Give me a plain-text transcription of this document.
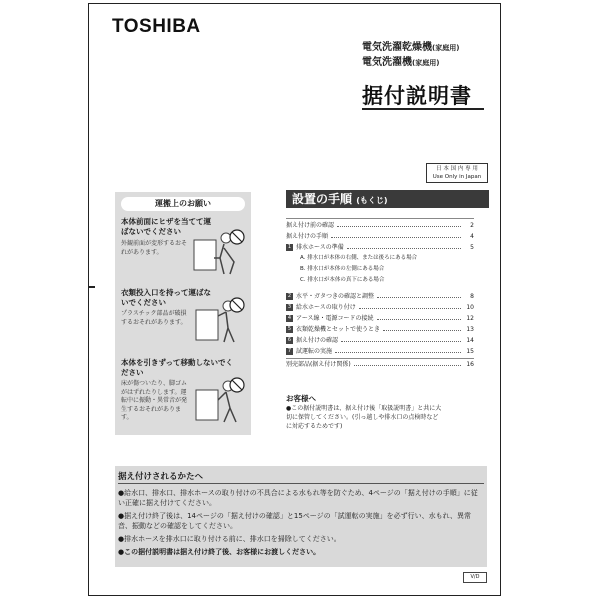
TOSHIBA
電気洗濯乾燥機(家庭用)
電気洗濯機(家庭用)
据付説明書
日 本 国 内 専 用
Use Only in Japan
運搬上のお願い
本体前面にヒザを当てて運ばないでください
外観前面が変形するおそれがあります。
衣類投入口を持って運ばないでください
プラスチック部品が破損するおそれがあります。
本体を引きずって移動しないでください
床が傷ついたり、脚ゴムがはずれたりします。運転中に振動・異常音が発生するおそれがあります。
設置の手順 (もくじ)
据え付け前の確認	2
据え付けの手順	4
1 排水ホースの準備	5
A. 排水口が本体の右側、または後ろにある場合
B. 排水口が本体の左側にある場合
C. 排水口が本体の真下にある場合
2 水平・ガタつきの確認と調整	8
3 給水ホースの取り付け	10
4 アース線・電源コードの接続	12
5 衣類乾燥機とセットで使うとき	13
6 据え付けの確認	14
7 試運転の実施	15
別売部品(据え付け関係)	16
お客様へ
●この据付説明書は、据え付け後「取扱説明書」と共に大切に保管してください。(引っ越しや排水口の点検時などに対応するためです)
据え付けされるかたへ
●給水口、排水口、排水ホースの取り付けの不具合による水もれ等を防ぐため、4ページの「据え付けの手順」に従い正確に据え付けてください。
●据え付け終了後は、14ページの「据え付けの確認」と15ページの「試運転の実施」を必ず行い、水もれ、異常音、振動などの確認をしてください。
●排水ホースを排水口に取り付ける前に、排水口を掃除してください。
●この据付説明書は据え付け終了後、お客様にお渡しください。
V/D
